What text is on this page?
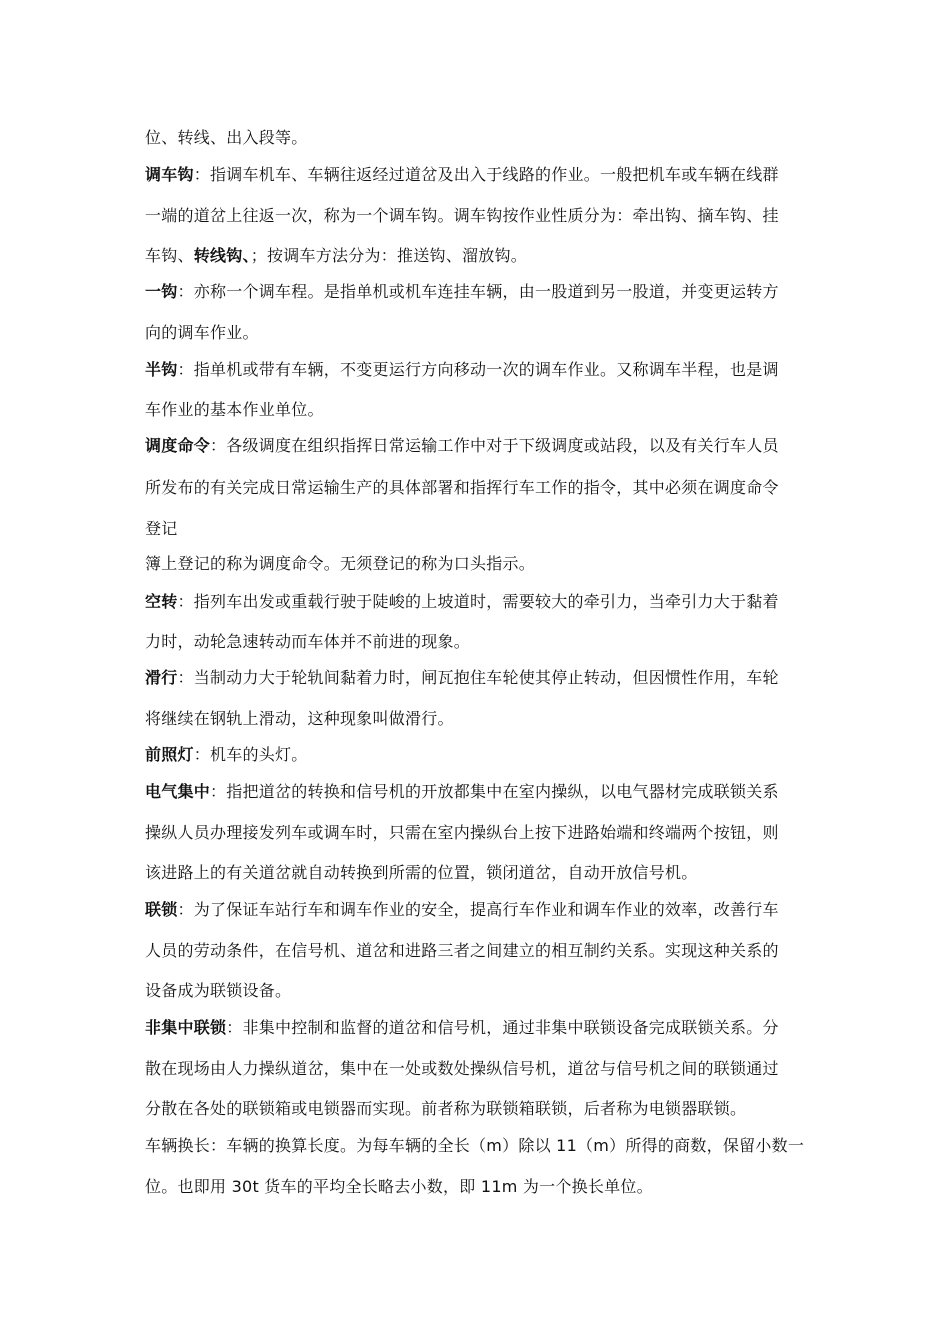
位、转线、出入段等。
调车钩：指调车机车、车辆往返经过道岔及出入于线路的作业。一般把机车或车辆在线群
一端的道岔上往返一次，称为一个调车钩。调车钩按作业性质分为：牵出钩、摘车钩、挂
车钩、转线钩、；按调车方法分为：推送钩、溜放钩。
一钩：亦称一个调车程。是指单机或机车连挂车辆，由一股道到另一股道，并变更运转方
向的调车作业。
半钩：指单机或带有车辆，不变更运行方向移动一次的调车作业。又称调车半程，也是调
车作业的基本作业单位。
调度命令：各级调度在组织指挥日常运输工作中对于下级调度或站段，以及有关行车人员
所发布的有关完成日常运输生产的具体部署和指挥行车工作的指令，其中必须在调度命令
登记
簿上登记的称为调度命令。无须登记的称为口头指示。
空转：指列车出发或重载行驶于陡峻的上坡道时，需要较大的牵引力，当牵引力大于黏着
力时，动轮急速转动而车体并不前进的现象。
滑行：当制动力大于轮轨间黏着力时，闸瓦抱住车轮使其停止转动，但因惯性作用，车轮
将继续在钢轨上滑动，这种现象叫做滑行。
前照灯：机车的头灯。
电气集中：指把道岔的转换和信号机的开放都集中在室内操纵，以电气器材完成联锁关系
操纵人员办理接发列车或调车时，只需在室内操纵台上按下进路始端和终端两个按钮，则
该进路上的有关道岔就自动转换到所需的位置，锁闭道岔，自动开放信号机。
联锁：为了保证车站行车和调车作业的安全，提高行车作业和调车作业的效率，改善行车
人员的劳动条件，在信号机、道岔和进路三者之间建立的相互制约关系。实现这种关系的
设备成为联锁设备。
非集中联锁：非集中控制和监督的道岔和信号机，通过非集中联锁设备完成联锁关系。分
散在现场由人力操纵道岔，集中在一处或数处操纵信号机，道岔与信号机之间的联锁通过
分散在各处的联锁箱或电锁器而实现。前者称为联锁箱联锁，后者称为电锁器联锁。
车辆换长：车辆的换算长度。为每车辆的全长（m）除以 11（m）所得的商数，保留小数一
位。也即用 30t 货车的平均全长略去小数，即 11m 为一个换长单位。
